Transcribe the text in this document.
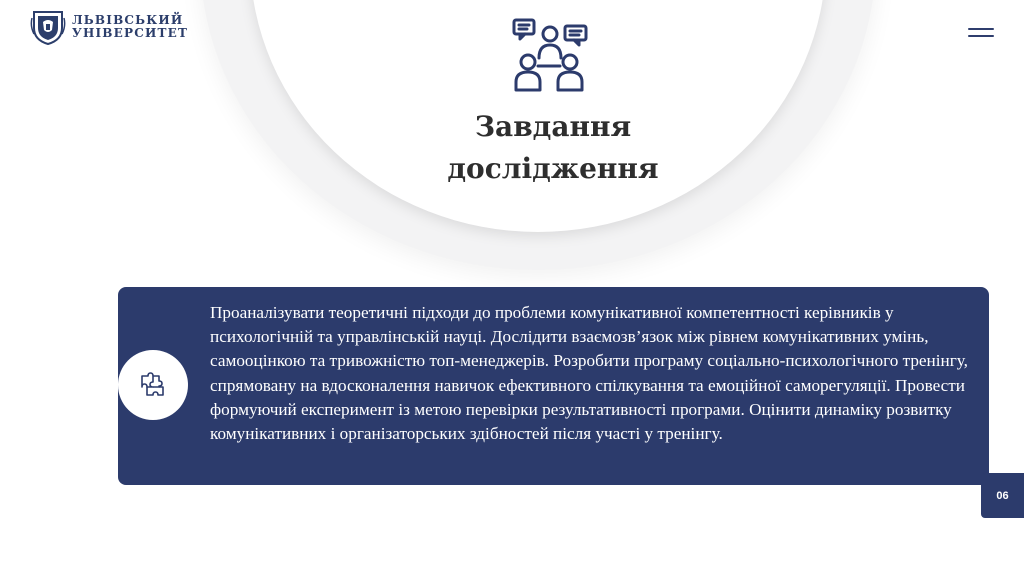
ЛЬВІВСЬКИЙ
УНІВЕРСИТЕТ
Завдання
дослідження
Проаналізувати теоретичні підходи до проблеми комунікативної компетентності керівників у психологічній та управлінській науці. Дослідити взаємозв’язок між рівнем комунікативних умінь, самооцінкою та тривожністю топ-менеджерів. Розробити програму соціально-психологічного тренінгу, спрямовану на вдосконалення навичок ефективного спілкування та емоційної саморегуляції. Провести формуючий експеримент із метою перевірки результативності програми. Оцінити динаміку розвитку комунікативних і організаторських здібностей після участі у тренінгу.
06
